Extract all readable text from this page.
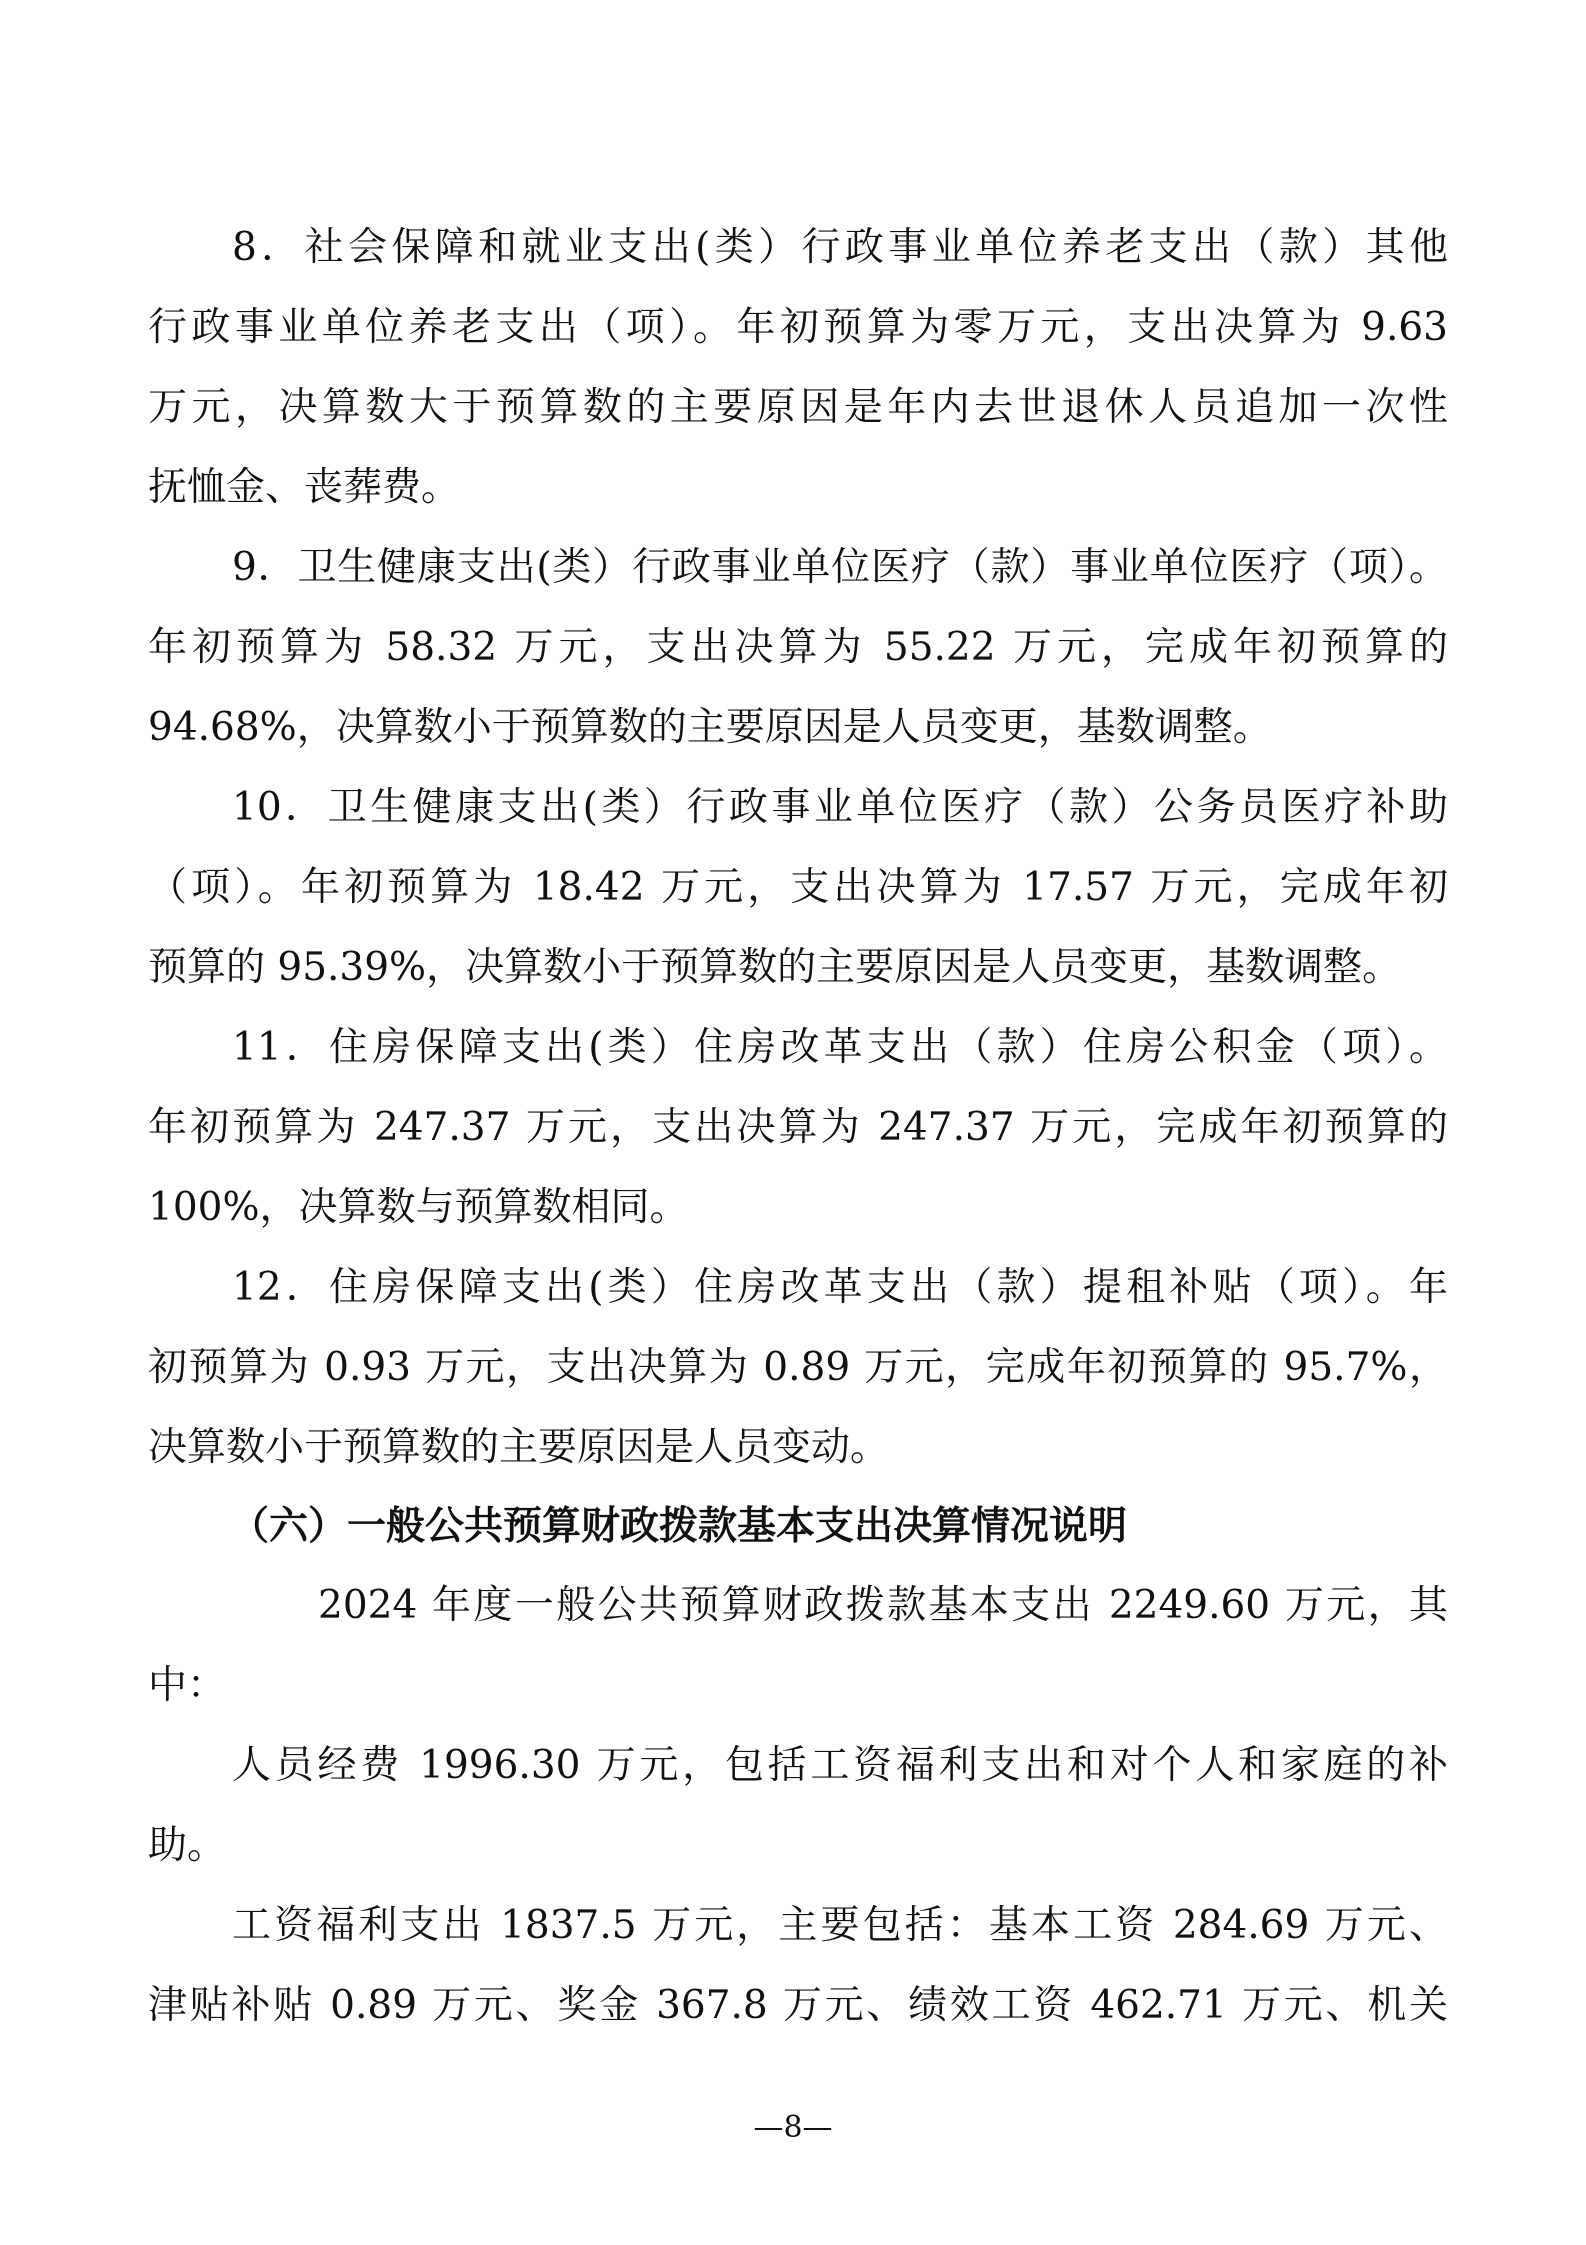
8．社会保障和就业支出(类）行政事业单位养老支出（款）其他
行政事业单位养老支出（项）。年初预算为零万元，支出决算为 9.63
万元，决算数大于预算数的主要原因是年内去世退休人员追加一次性
抚恤金、丧葬费。
9．卫生健康支出(类）行政事业单位医疗（款）事业单位医疗（项）。
年初预算为 58.32 万元，支出决算为 55.22 万元，完成年初预算的
94.68%，决算数小于预算数的主要原因是人员变更，基数调整。
10．卫生健康支出(类）行政事业单位医疗（款）公务员医疗补助
（项）。年初预算为 18.42 万元，支出决算为 17.57 万元，完成年初
预算的 95.39%，决算数小于预算数的主要原因是人员变更，基数调整。
11．住房保障支出(类）住房改革支出（款）住房公积金（项）。
年初预算为 247.37 万元，支出决算为 247.37 万元，完成年初预算的
100%，决算数与预算数相同。
12．住房保障支出(类）住房改革支出（款）提租补贴（项）。年
初预算为 0.93 万元，支出决算为 0.89 万元，完成年初预算的 95.7%，
决算数小于预算数的主要原因是人员变动。
（六）一般公共预算财政拨款基本支出决算情况说明
2024 年度一般公共预算财政拨款基本支出 2249.60 万元，其
中：
人员经费 1996.30 万元，包括工资福利支出和对个人和家庭的补
助。
工资福利支出 1837.5 万元，主要包括：基本工资 284.69 万元、
津贴补贴 0.89 万元、奖金 367.8 万元、绩效工资 462.71 万元、机关
—8—
